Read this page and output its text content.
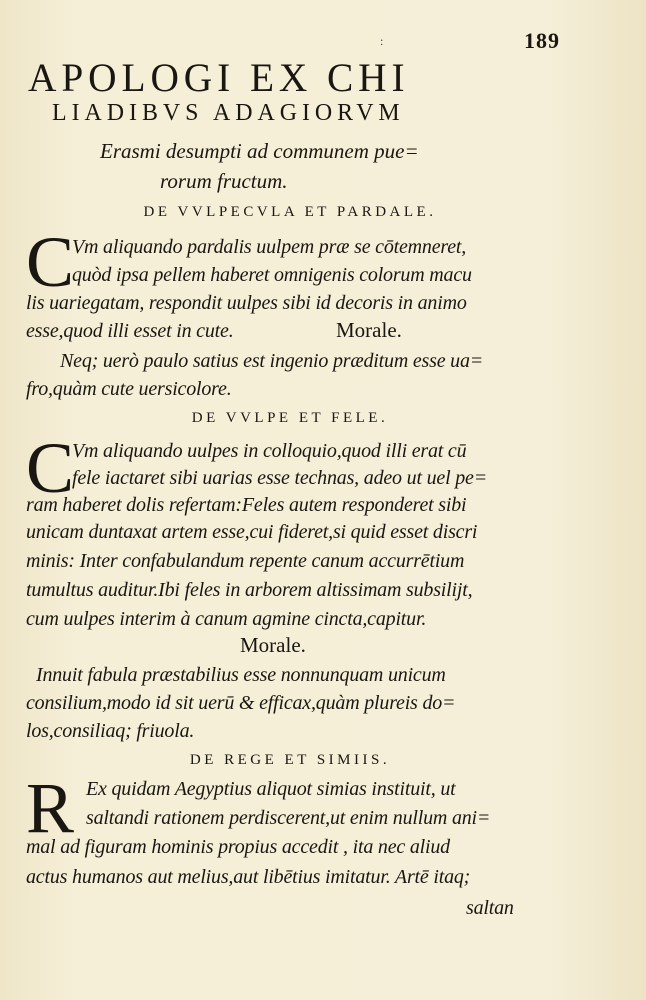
:	189
APOLOGI EX CHI
LIADIBVS ADAGIORVM
Erasmi desumpti ad communem pue=
rorum fructum.
DE VVLPECVLA ET PARDALE.
C
Vm aliquando pardalis uulpem præ se cōtemneret,
quòd ipsa pellem haberet omnigenis colorum macu
lis uariegatam, respondit uulpes sibi id decoris in animo
esse,quod illi esset in cute.	Morale.
Neq; uerò paulo satius est ingenio præditum esse ua=
fro,quàm cute uersicolore.
DE VVLPE ET FELE.
C
Vm aliquando uulpes in colloquio,quod illi erat cū
fele iactaret sibi uarias esse technas, adeo ut uel pe=
ram haberet dolis refertam:Feles autem responderet sibi
unicam duntaxat artem esse,cui fideret,si quid esset discri
minis: Inter confabulandum repente canum accurrētium
tumultus auditur.Ibi feles in arborem altissimam subsilijt,
cum uulpes interim à canum agmine cincta,capitur.
Morale.
Innuit fabula præstabilius esse nonnunquam unicum
consilium,modo id sit uerū & efficax,quàm plureis do=
los,consiliaq; friuola.
DE REGE ET SIMIIS.
R Ex quidam Aegyptius aliquot simias instituit, ut
saltandi rationem perdiscerent,ut enim nullum ani=
mal ad figuram hominis propius accedit , ita nec aliud
actus humanos aut melius,aut libētius imitatur. Artē itaq;
saltan
